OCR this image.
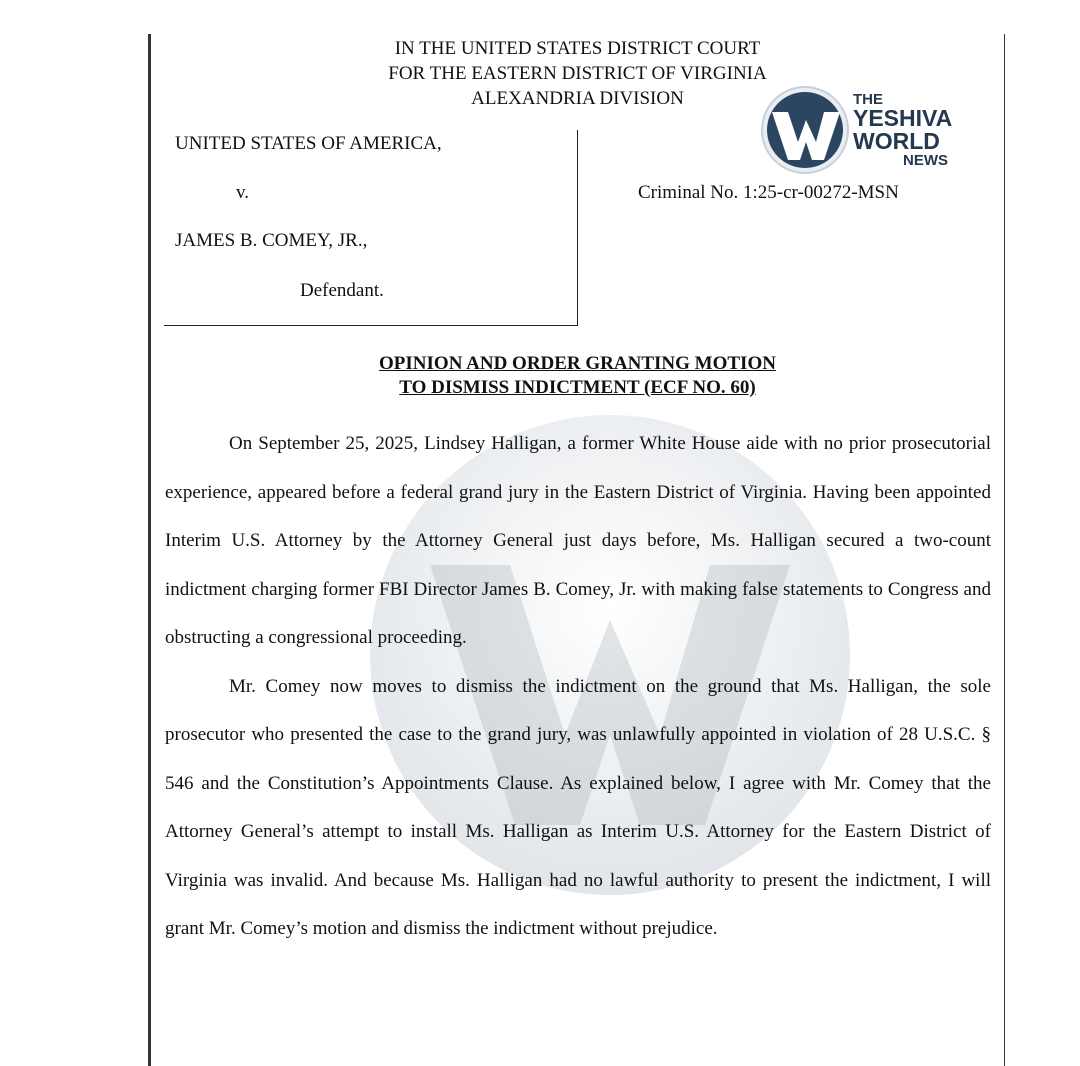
IN THE UNITED STATES DISTRICT COURT
FOR THE EASTERN DISTRICT OF VIRGINIA
ALEXANDRIA DIVISION
UNITED STATES OF AMERICA,
v.
JAMES B. COMEY, JR.,
Defendant.
Criminal No. 1:25-cr-00272-MSN
THE
YESHIVA
WORLD
NEWS
OPINION AND ORDER GRANTING MOTION
TO DISMISS INDICTMENT (ECF NO. 60)

On September 25, 2025, Lindsey Halligan, a former White House aide with no prior prosecutorial experience, appeared before a federal grand jury in the Eastern District of Virginia. Having been appointed Interim U.S. Attorney by the Attorney General just days before, Ms. Halligan secured a two-count indictment charging former FBI Director James B. Comey, Jr. with making false statements to Congress and obstructing a congressional proceeding.

Mr. Comey now moves to dismiss the indictment on the ground that Ms. Halligan, the sole prosecutor who presented the case to the grand jury, was unlawfully appointed in violation of 28 U.S.C. § 546 and the Constitution’s Appointments Clause. As explained below, I agree with Mr. Comey that the Attorney General’s attempt to install Ms. Halligan as Interim U.S. Attorney for the Eastern District of Virginia was invalid. And because Ms. Halligan had no lawful authority to present the indictment, I will grant Mr. Comey’s motion and dismiss the indictment without prejudice.
